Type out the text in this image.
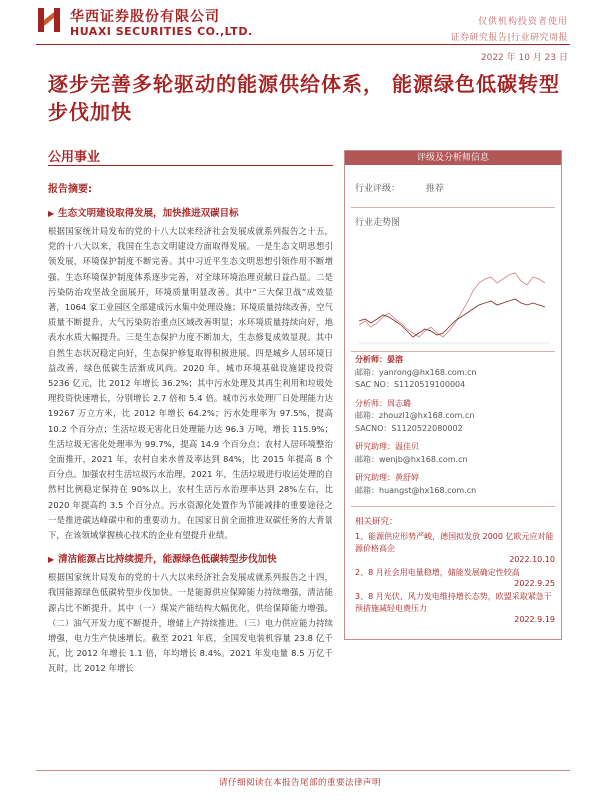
华西证券股份有限公司
HUAXI SECURITIES CO.,LTD.
仅供机构投资者使用
证券研究报告|行业研究周报
2022 年 10 月 23 日
逐步完善多轮驱动的能源供给体系， 能源绿色低碳转型步伐加快
公用事业
报告摘要:
▶ 生态文明建设取得发展，加快推进双碳目标
根据国家统计局发布的党的十八大以来经济社会发展成就系列报告之十五，党的十八大以来，我国在生态文明建设方面取得发展。一是生态文明思想引领发展，环境保护制度不断完善。其中习近平生态文明思想引领作用不断增强、生态环境保护制度体系逐步完善，对全球环境治理贡献日益凸显。二是污染防治攻坚战全面展开，环境质量明显改善。其中“三大保卫战”成效显著，1064 家工业园区全部建成污水集中处理设施；环境质量持续改善，空气质量不断提升，大气污染防治重点区域改善明显；水环境质量持续向好，地表水水质大幅提升。三是生态保护力度不断加大，生态修复成效显现。其中自然生态状况稳定向好，生态保护修复取得积极进展。四是城乡人居环境日益改善，绿色低碳生活渐成风尚。2020 年，城市环境基础设施建设投资 5236 亿元，比 2012 年增长 36.2%；其中污水处理及其再生利用和垃圾处理投资快速增长，分别增长 2.7 倍和 5.4 倍。城市污水处理厂日处理能力达 19267 万立方米，比 2012 年增长 64.2%；污水处理率为 97.5%，提高 10.2 个百分点；生活垃圾无害化日处理能力达 96.3 万吨，增长 115.9%；生活垃圾无害化处理率为 99.7%，提高 14.9 个百分点；农村人居环境整治全面推开，2021 年，农村自来水普及率达到 84%，比 2015 年提高 8 个百分点。加强农村生活垃圾污水治理，2021 年，生活垃圾进行收运处理的自然村比例稳定保持在 90%以上，农村生活污水治理率达到 28%左右，比 2020 年提高约 3.5 个百分点。污水资源化处置作为节能减排的重要途径之一是推进碳达峰碳中和的重要动力。在国家日前全面推进双碳任务的大背景下，在该领域掌握核心技术的企业有望提升业绩。
▶ 清洁能源占比持续提升，能源绿色低碳转型步伐加快
根据国家统计局发布的党的十八大以来经济社会发展成就系列报告之十四，我国能源绿色低碳转型步伐加快。一是能源供应保障能力持续增强，清洁能源占比不断提升。其中（一）煤炭产能结构大幅优化，供给保障能力增强。（二）油气开发力度不断提升，增储上产持续推进。（三）电力供应能力持续增强，电力生产快速增长。截至 2021 年底，全国发电装机容量 23.8 亿千瓦，比 2012 年增长 1.1 倍，年均增长 8.4%。2021 年发电量 8.5 万亿千瓦时，比 2012 年增长
评级及分析师信息
行业评级：	推荐
行业走势图
分析师：晏溶
邮箱：yanrong@hx168.com.cn
SAC NO：S1120519100004
分析师：周志璐
邮箱：zhouzl1@hx168.com.cn
SACNO：S1120522080002
研究助理：温佳贝
邮箱：wenjb@hx168.com.cn
研究助理：黄舒婷
邮箱：huangst@hx168.com.cn
相关研究：
1、能源供应形势严峻，德国拟发放 2000 亿欧元应对能源价格高企
2022.10.10
2、8 月社会用电量稳增，储能发展确定性较高
2022.9.25
3、8 月光伏、风力发电维持增长态势，欧盟采取紧急干预措施减轻电费压力
2022.9.19
请仔细阅读在本报告尾部的重要法律声明
